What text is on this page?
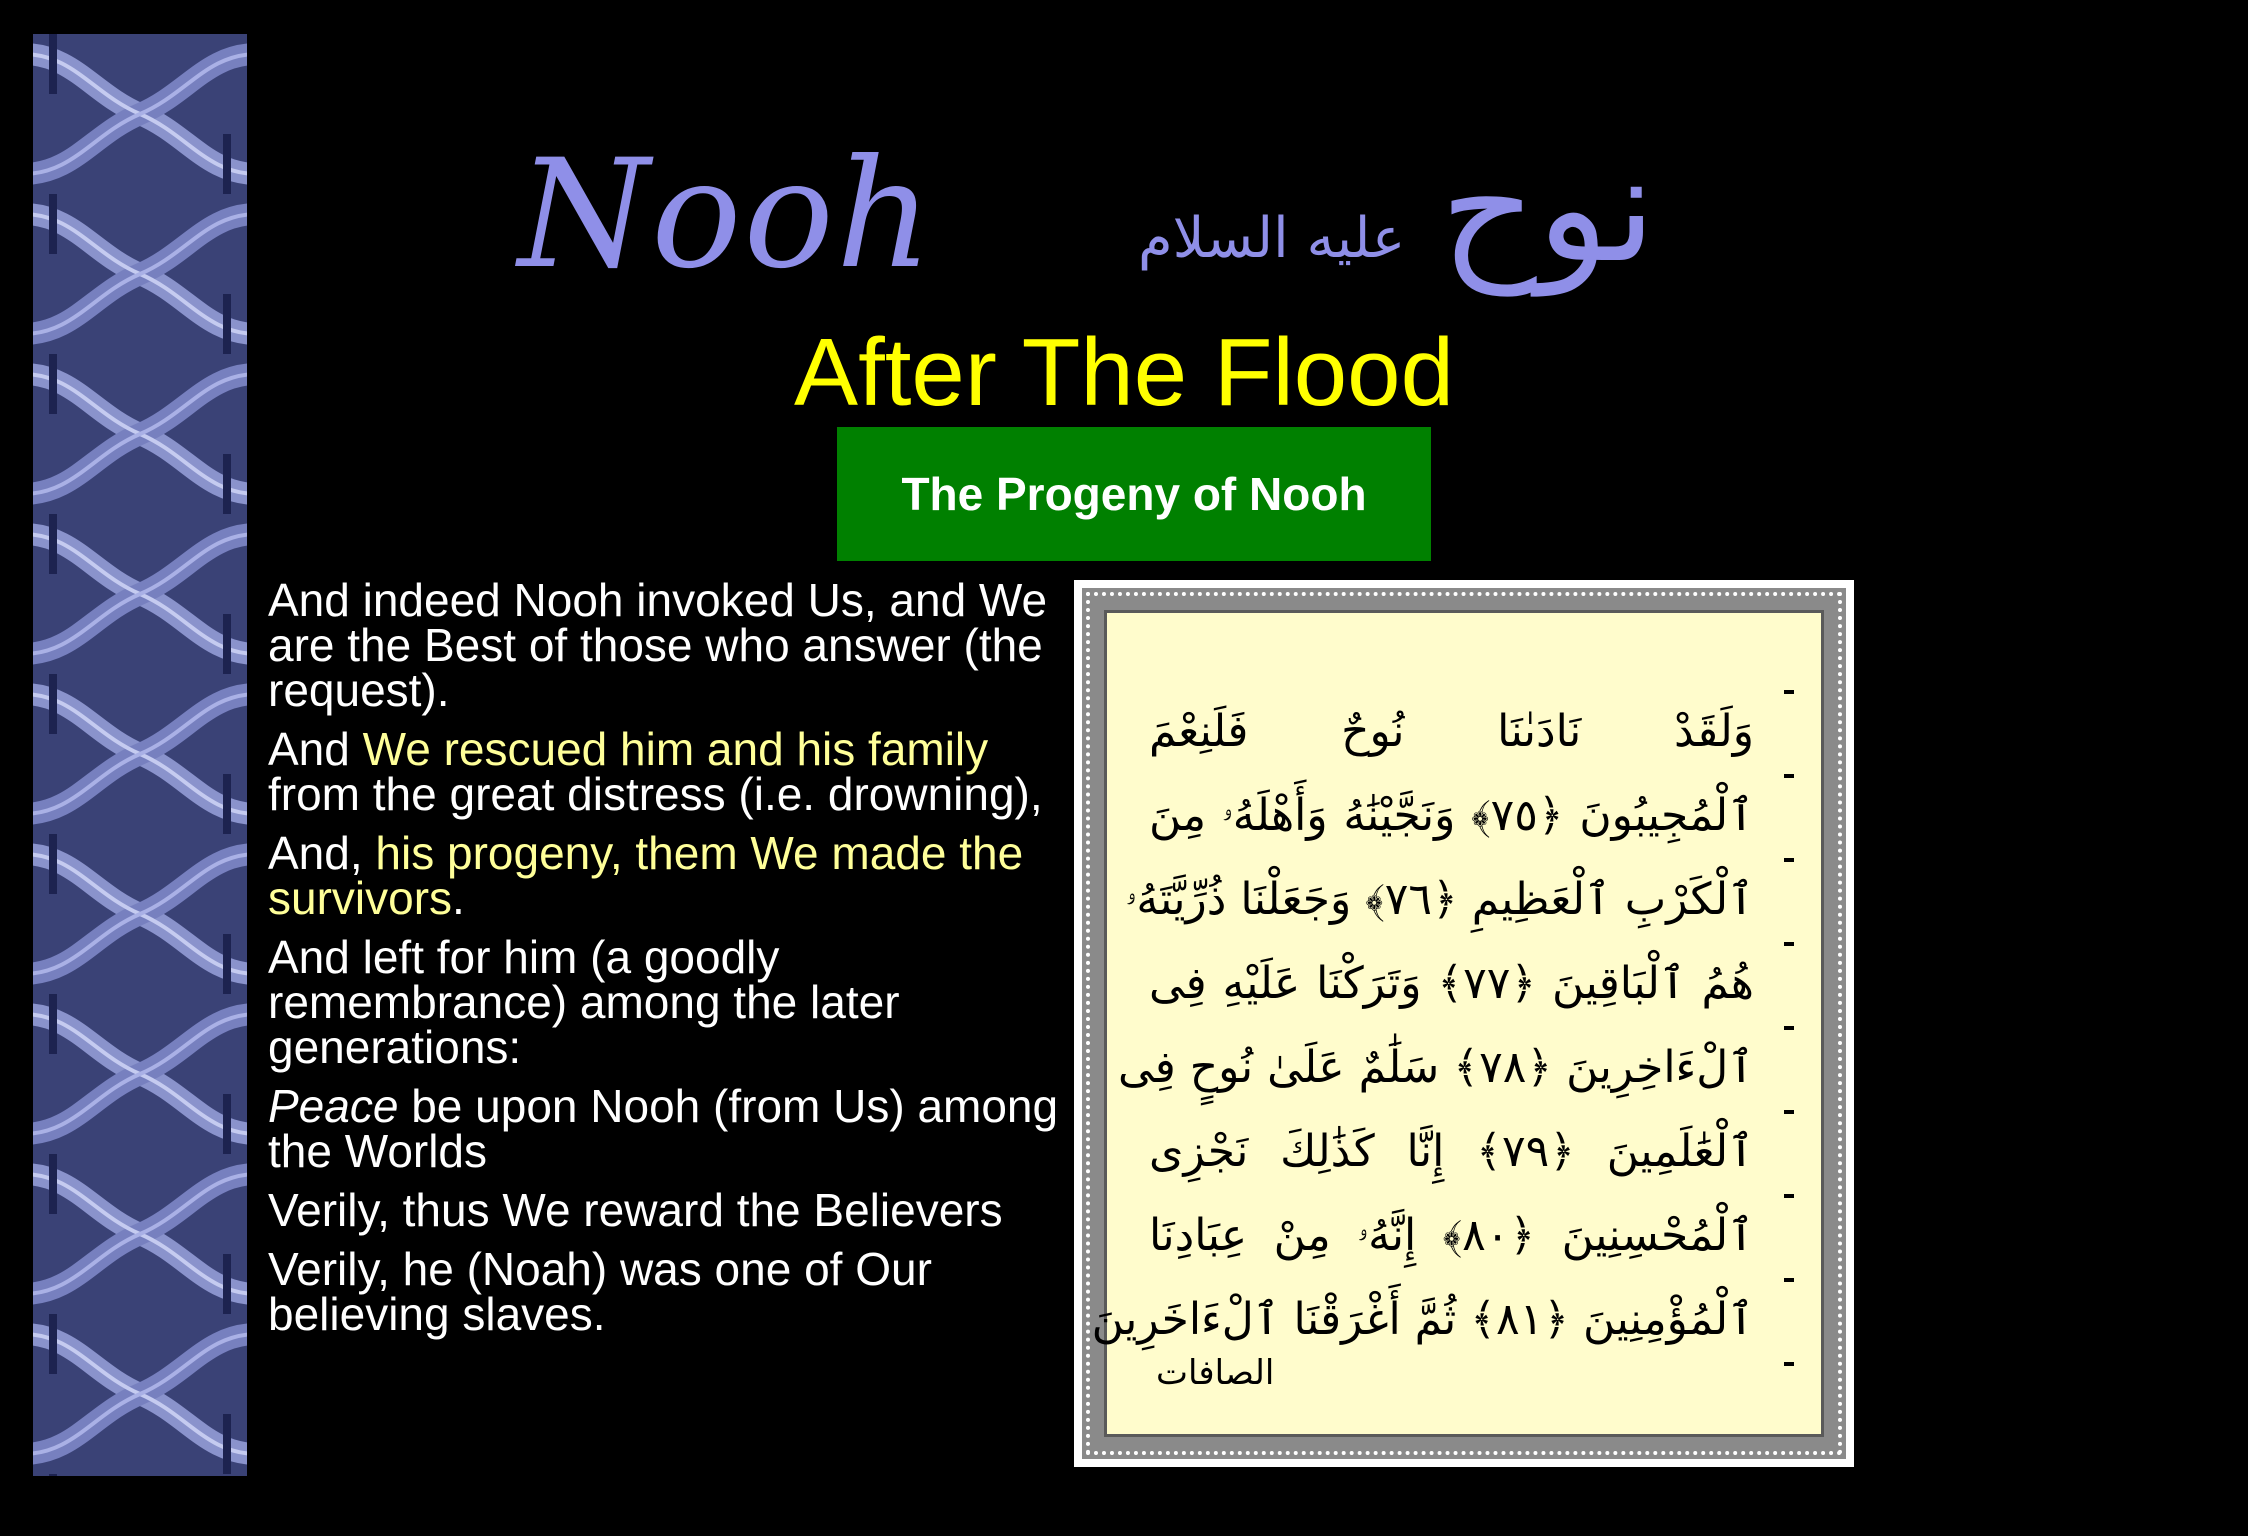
Nooh	عليه السلام نوح
After The Flood
The Progeny of Nooh
And indeed Nooh invoked Us, and We are the Best of those who answer (the request).
And We rescued him and his family from the great distress (i.e. drowning),
And, his progeny, them We made the survivors.
And left for him (a goodly remembrance) among the later generations:
Peace be upon Nooh (from Us) among the Worlds
Verily, thus We reward the Believers
Verily, he (Noah) was one of Our believing slaves.
وَلَقَدْ نَادَىٰنَا نُوحٌ فَلَنِعْمَ
ٱلْمُجِيبُونَ ﴿٧٥﴾ وَنَجَّيْنَٰهُ وَأَهْلَهُۥ مِنَ
ٱلْكَرْبِ ٱلْعَظِيمِ ﴿٧٦﴾ وَجَعَلْنَا ذُرِّيَّتَهُۥ
هُمُ ٱلْبَاقِينَ ﴿٧٧﴾ وَتَرَكْنَا عَلَيْهِ فِى
ٱلْءَاخِرِينَ ﴿٧٨﴾ سَلَٰمٌ عَلَىٰ نُوحٍ فِى
ٱلْعَٰلَمِينَ ﴿٧٩﴾ إِنَّا كَذَٰلِكَ نَجْزِى
ٱلْمُحْسِنِينَ ﴿٨٠﴾ إِنَّهُۥ مِنْ عِبَادِنَا
ٱلْمُؤْمِنِينَ ﴿٨١﴾ ثُمَّ أَغْرَقْنَا ٱلْءَاخَرِينَ ﴿٨٢﴾
الصافات
